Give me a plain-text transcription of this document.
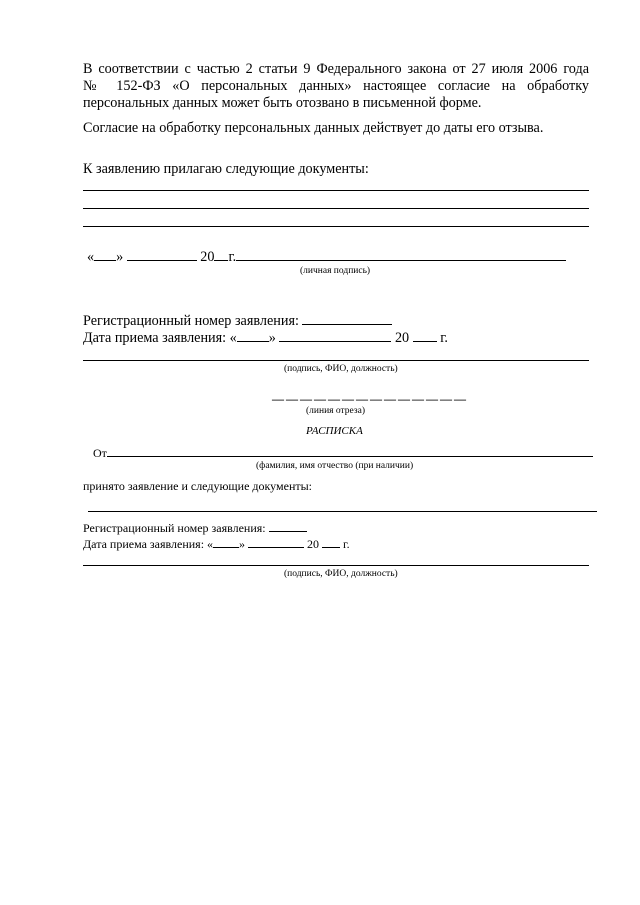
В соответствии с частью 2 статьи 9 Федерального закона от 27 июля 2006 года
№ 152-ФЗ «О персональных данных» настоящее согласие на обработку
персональных данных может быть отозвано в письменной форме.
Согласие на обработку персональных данных действует до даты его отзыва.
К заявлению прилагаю следующие документы:
« »	20 г.
(личная подпись)
Регистрационный номер заявления:
Дата приема заявления: « »	20 г.
(подпись, ФИО, должность)
— — — — — — — — — — — — — —
(линия отреза)
РАСПИСКА
От
(фамилия, имя отчество (при наличии)
принято заявление и следующие документы:
Регистрационный номер заявления:
Дата приема заявления: « »	20 г.
(подпись, ФИО, должность)
